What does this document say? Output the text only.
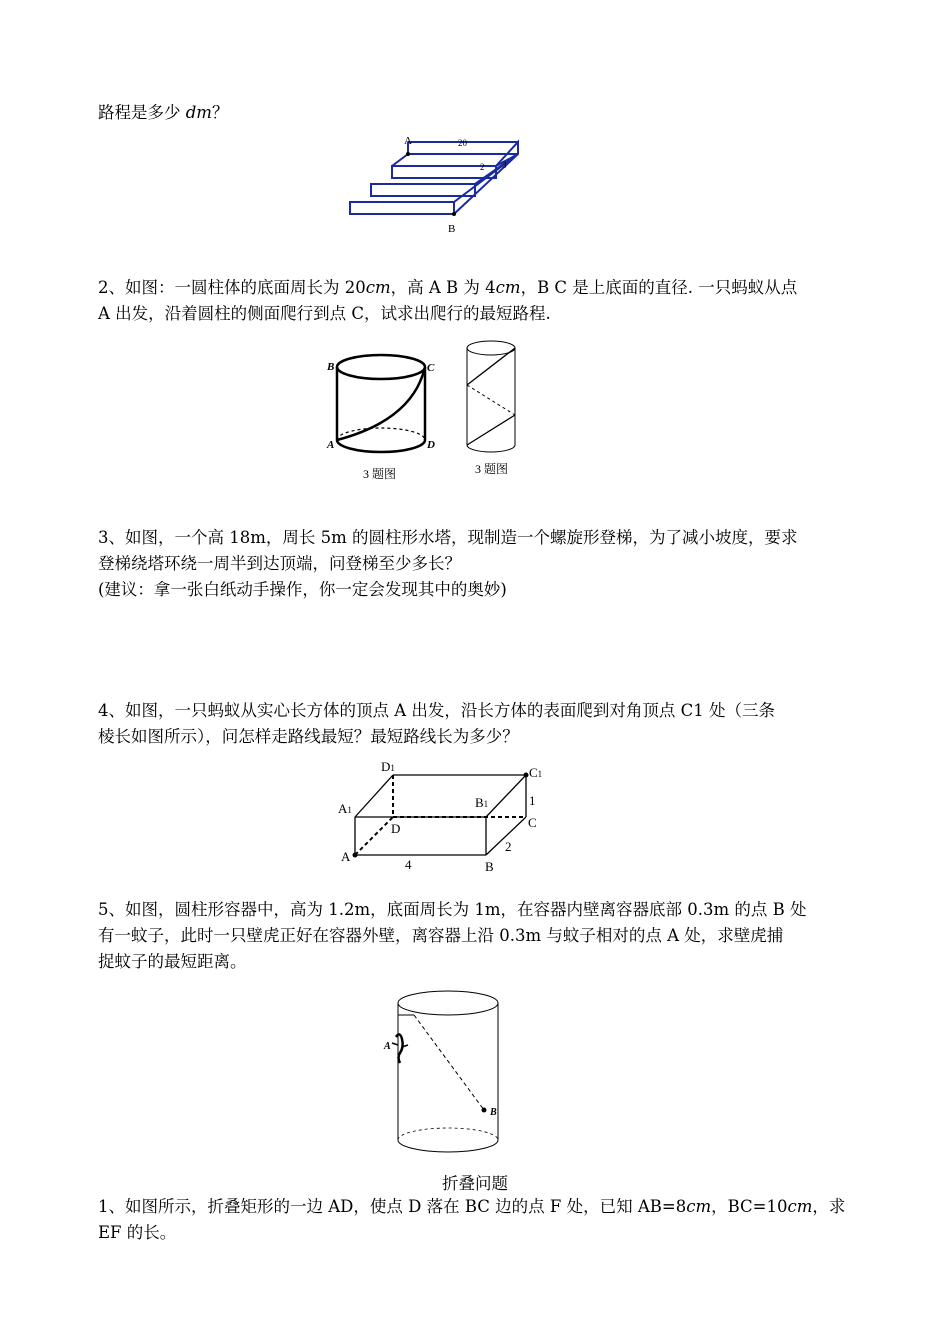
路程是多少 dm？

A
B
20
2 3

2、如图：一圆柱体的底面周长为 20cm，高 A B 为 4cm，B C 是上底面的直径. 一只蚂蚁从点
A 出发，沿着圆柱的侧面爬行到点 C，试求出爬行的最短路程.

B	C
A	D
3 题图	3 题图

3、如图，一个高 18m，周长 5m 的圆柱形水塔，现制造一个螺旋形登梯，为了减小坡度，要求
登梯绕塔环绕一周半到达顶端，问登梯至少多长？
(建议：拿一张白纸动手操作，你一定会发现其中的奥妙)

4、如图，一只蚂蚁从实心长方体的顶点 A 出发，沿长方体的表面爬到对角顶点 C1 处（三条
棱长如图所示），问怎样走路线最短？最短路线长为多少？

D1	C1
A1	B1
D	C
A
B
1
2
4

5、如图，圆柱形容器中，高为 1.2m，底面周长为 1m，在容器内壁离容器底部 0.3m 的点 B 处
有一蚊子，此时一只壁虎正好在容器外壁，离容器上沿 0.3m 与蚊子相对的点 A 处，求壁虎捕
捉蚊子的最短距离。

A
B
折叠问题

1、如图所示，折叠矩形的一边 AD，使点 D 落在 BC 边的点 F 处，已知 AB=8cm，BC=10cm，求
EF 的长。
